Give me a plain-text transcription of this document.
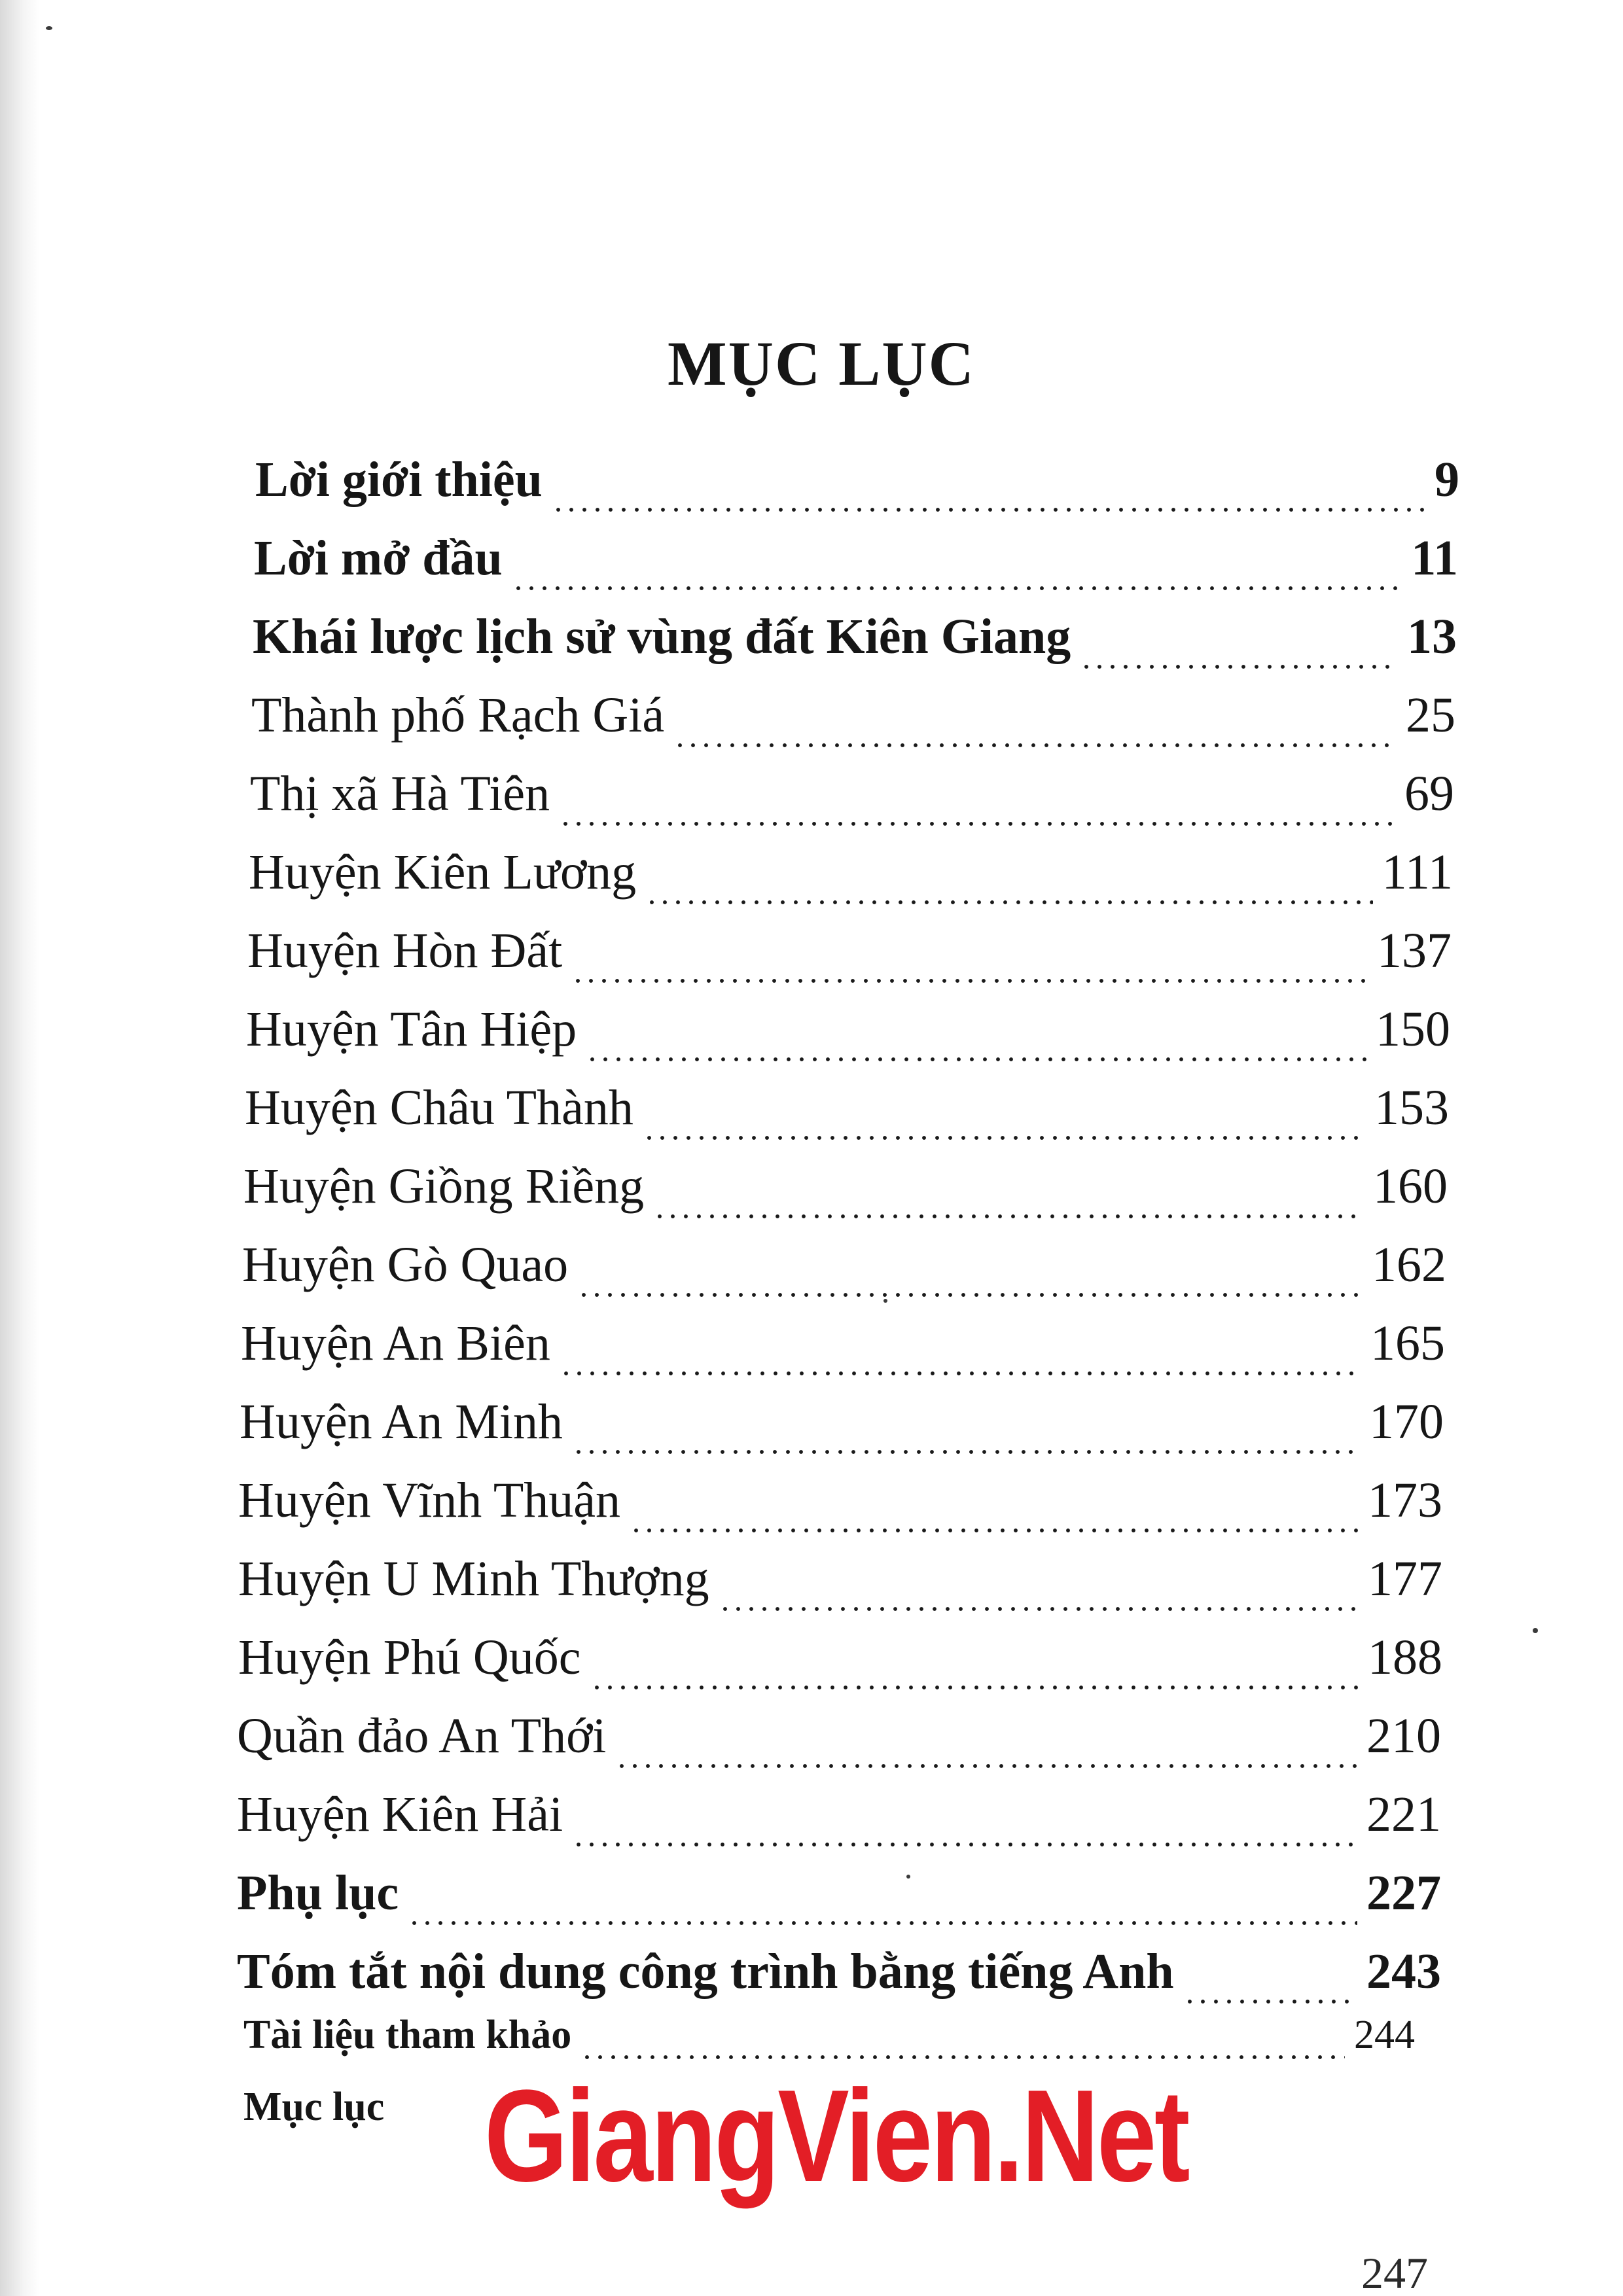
MỤC LỤC
Lời giới thiệu	9
Lời mở đầu	11
Khái lược lịch sử vùng đất Kiên Giang	13
Thành phố Rạch Giá	25
Thị xã Hà Tiên	69
Huyện Kiên Lương	111
Huyện Hòn Đất	137
Huyện Tân Hiệp	150
Huyện Châu Thành	153
Huyện Giồng Riềng	160
Huyện Gò Quao	162
Huyện An Biên	165
Huyện An Minh	170
Huyện Vĩnh Thuận	173
Huyện U Minh Thượng	177
Huyện Phú Quốc	188
Quần đảo An Thới	210
Huyện Kiên Hải	221
Phụ lục	227
Tóm tắt nội dung công trình bằng tiếng Anh	243
Tài liệu tham khảo	244
Mục lục GiangVien.Net
247
